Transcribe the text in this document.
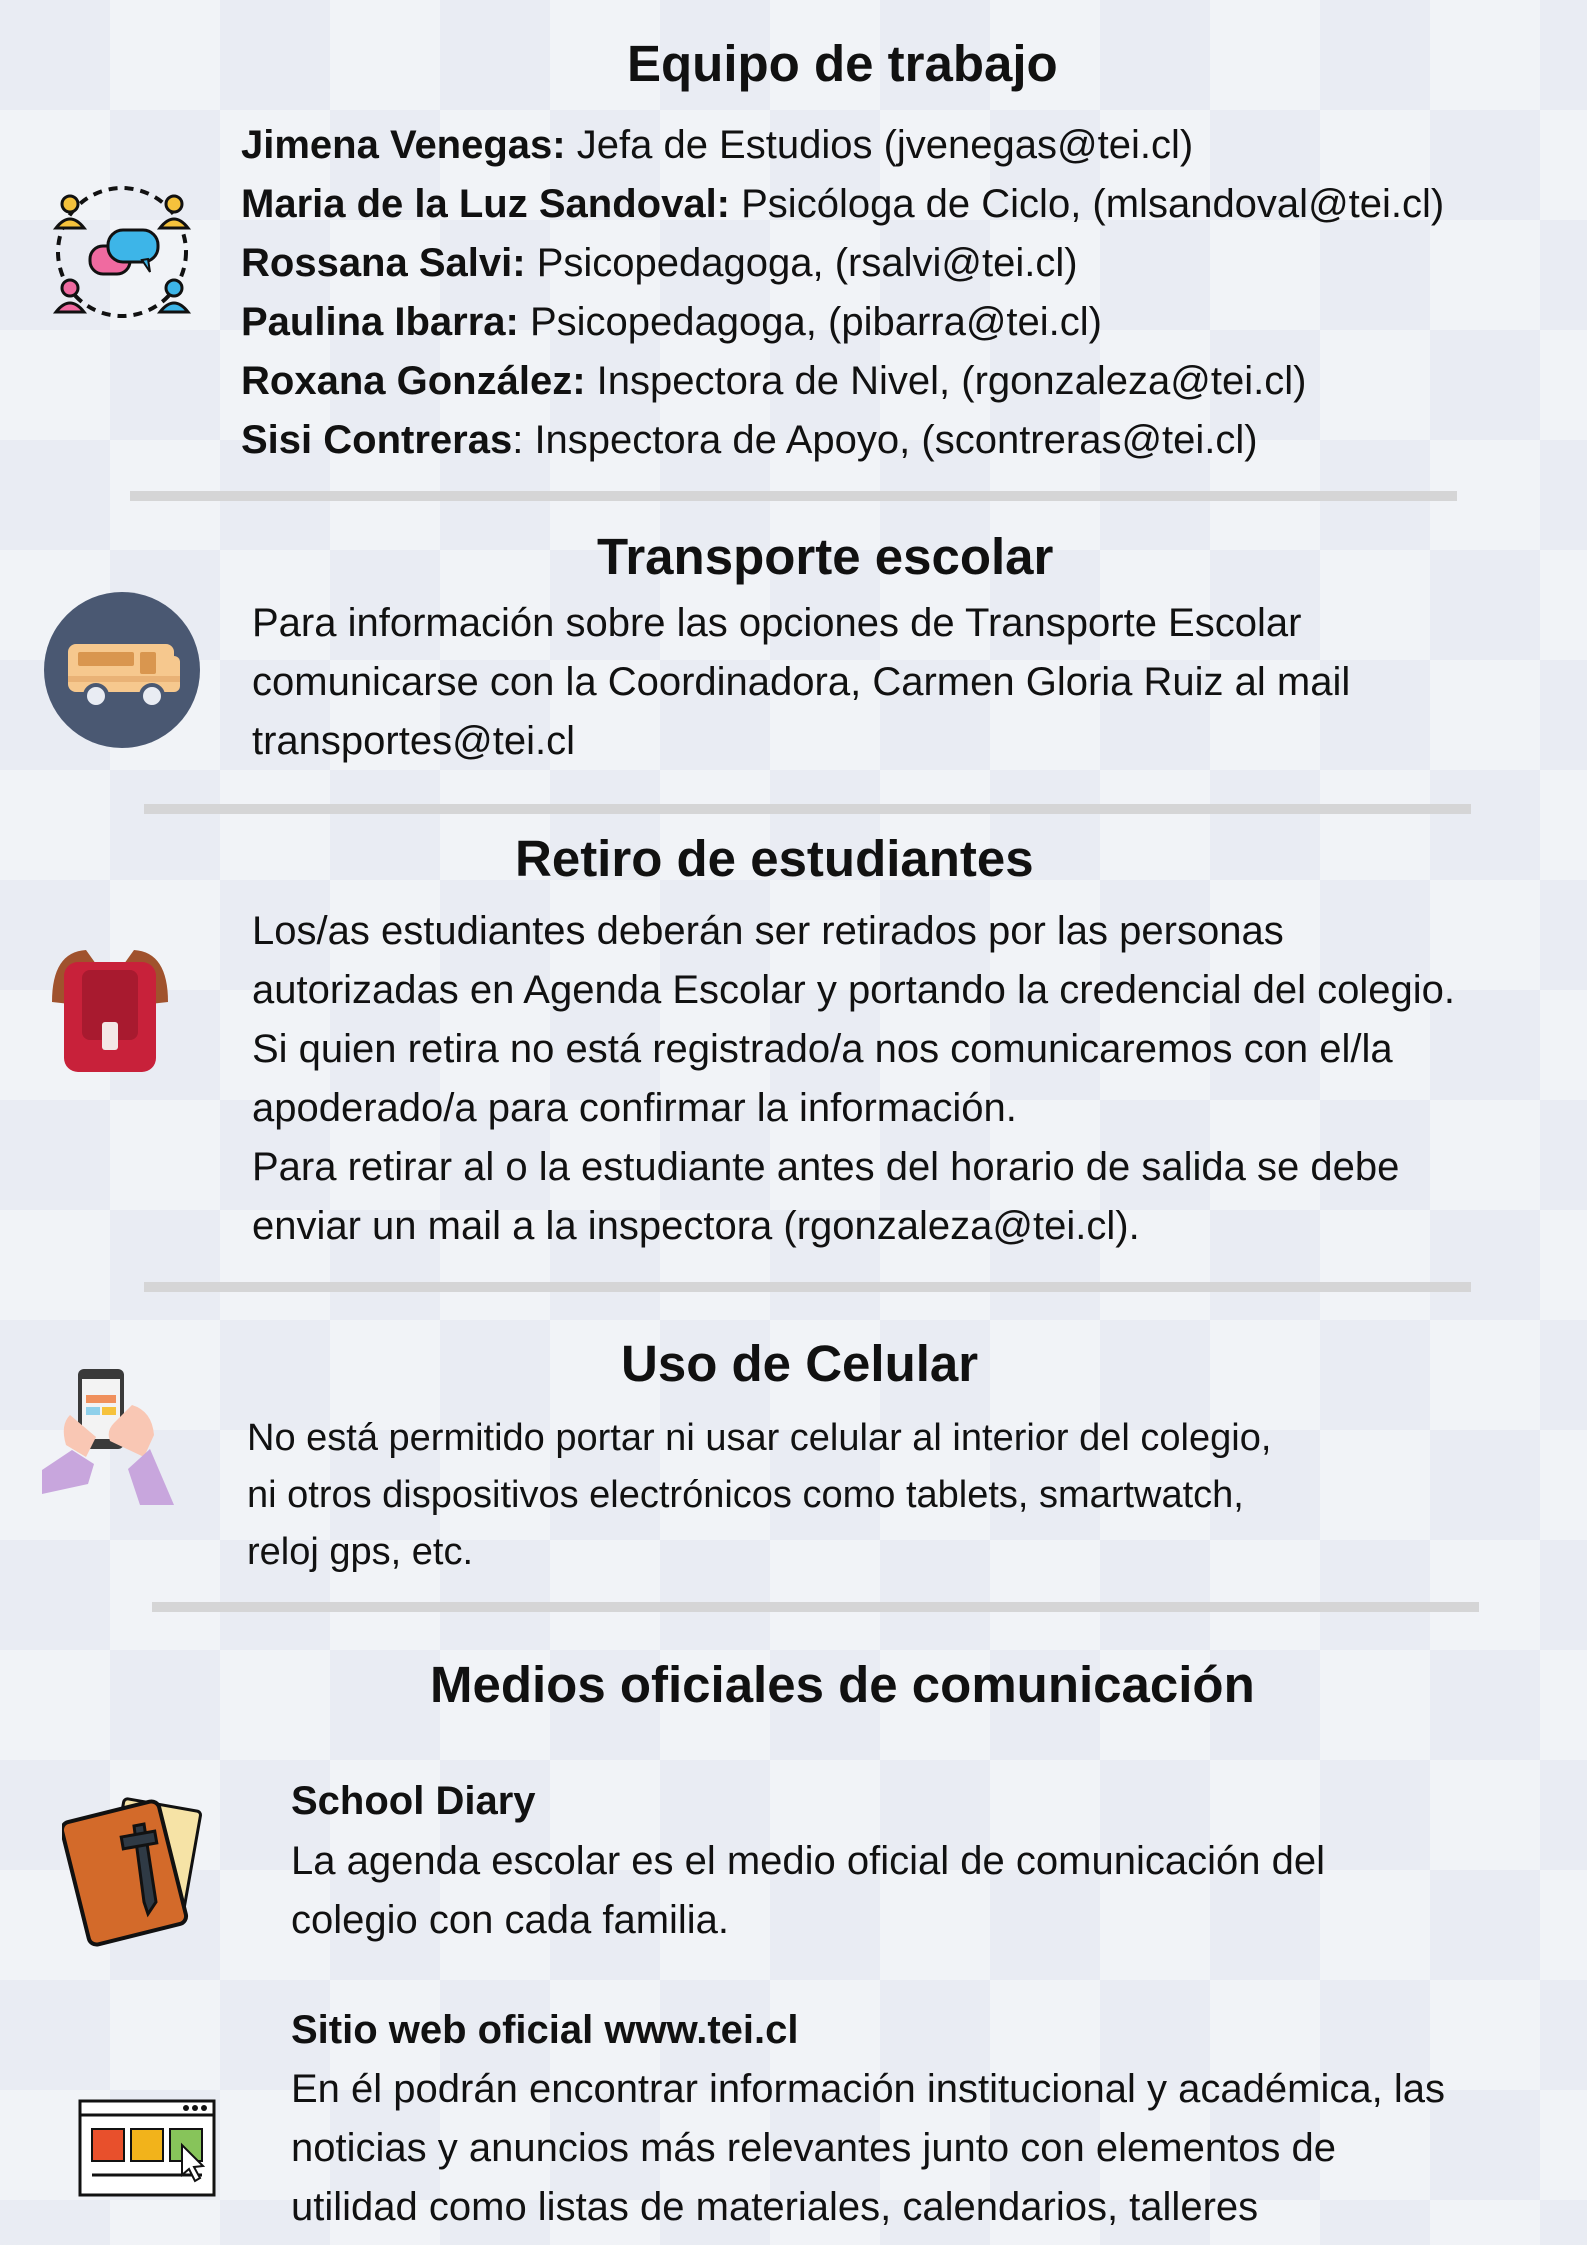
Equipo de trabajo
Jimena Venegas: Jefa de Estudios (jvenegas@tei.cl)
Maria de la Luz Sandoval: Psicóloga de Ciclo, (mlsandoval@tei.cl)
Rossana Salvi: Psicopedagoga, (rsalvi@tei.cl)
Paulina Ibarra: Psicopedagoga, (pibarra@tei.cl)
Roxana González: Inspectora de Nivel, (rgonzaleza@tei.cl)
Sisi Contreras: Inspectora de Apoyo, (scontreras@tei.cl)
Transporte escolar

Para información sobre las opciones de Transporte Escolar
comunicarse con la Coordinadora, Carmen Gloria Ruiz al mail
transportes@tei.cl

Retiro de estudiantes

Los/as estudiantes deberán ser retirados por las personas
autorizadas en Agenda Escolar y portando la credencial del colegio.
Si quien retira no está registrado/a nos comunicaremos con el/la
apoderado/a para confirmar la información.
Para retirar al o la estudiante antes del horario de salida se debe
enviar un mail a la inspectora (rgonzaleza@tei.cl).

Uso de Celular

No está permitido portar ni usar celular al interior del colegio,
ni otros dispositivos electrónicos como tablets, smartwatch,
reloj gps, etc.

Medios oficiales de comunicación
School Diary

La agenda escolar es el medio oficial de comunicación del
colegio con cada familia.

Sitio web oficial www.tei.cl

En él podrán encontrar información institucional y académica, las
noticias y anuncios más relevantes junto con elementos de
utilidad como listas de materiales, calendarios, talleres
